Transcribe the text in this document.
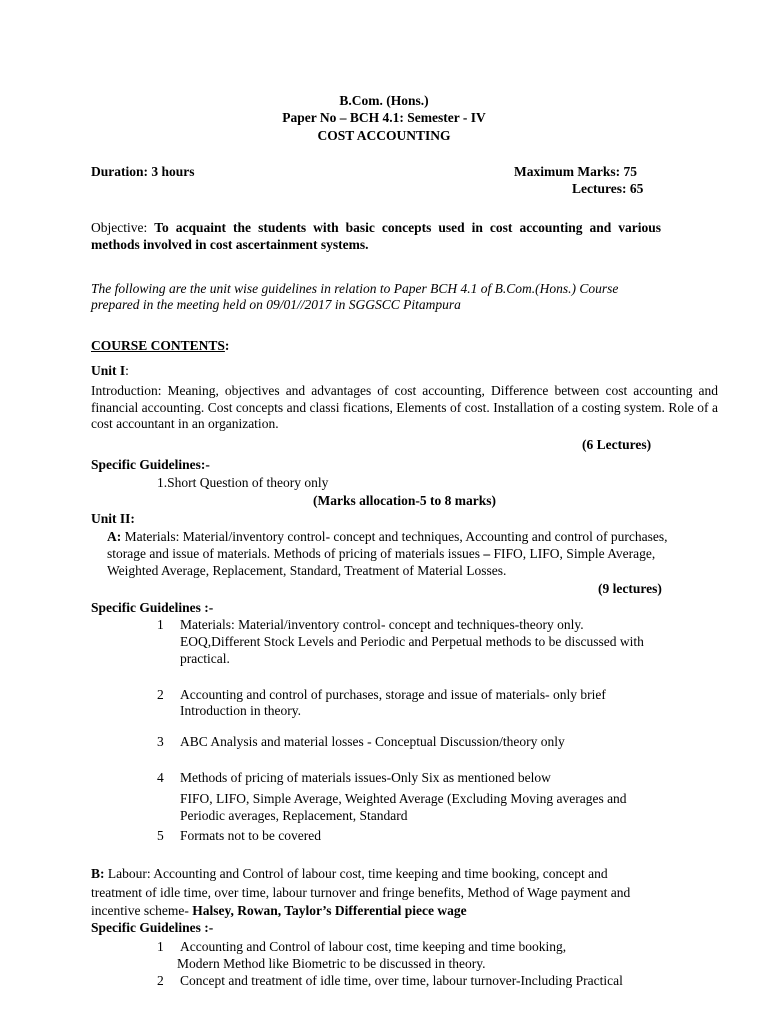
B.Com. (Hons.)
Paper No – BCH 4.1: Semester - IV
COST ACCOUNTING
Duration: 3 hours	Maximum Marks: 75
Lectures: 65
Objective: To acquaint the students with basic concepts used in cost accounting and various methods involved in cost ascertainment systems.
The following are the unit wise guidelines in relation to Paper BCH 4.1 of B.Com.(Hons.) Course
prepared in the meeting held on 09/01//2017 in SGGSCC Pitampura
COURSE CONTENTS:
Unit I:
Introduction: Meaning, objectives and advantages of cost accounting, Difference between cost accounting and financial accounting. Cost concepts and classi fications, Elements of cost. Installation of a costing system. Role of a cost accountant in an organization.
(6 Lectures)
Specific Guidelines:-
1.Short Question of theory only
(Marks allocation-5 to 8 marks)
Unit II:
A: Materials: Material/inventory control- concept and techniques, Accounting and control of purchases,
storage and issue of materials. Methods of pricing of materials issues – FIFO, LIFO, Simple Average,
Weighted Average, Replacement, Standard, Treatment of Material Losses.
(9 lectures)
Specific Guidelines :-
1	Materials: Material/inventory control- concept and techniques-theory only.
EOQ,Different Stock Levels and Periodic and Perpetual methods to be discussed with
practical.
2	Accounting and control of purchases, storage and issue of materials- only brief
Introduction in theory.
3	ABC Analysis and material losses - Conceptual Discussion/theory only
4	Methods of pricing of materials issues-Only Six as mentioned below
FIFO, LIFO, Simple Average, Weighted Average (Excluding Moving averages and
Periodic averages, Replacement, Standard
5	Formats not to be covered
B: Labour: Accounting and Control of labour cost, time keeping and time booking, concept and
treatment of idle time, over time, labour turnover and fringe benefits, Method of Wage payment and
incentive scheme- Halsey, Rowan, Taylor’s Differential piece wage
Specific Guidelines :-
1	Accounting and Control of labour cost, time keeping and time booking,
Modern Method like Biometric to be discussed in theory.
2	Concept and treatment of idle time, over time, labour turnover-Including Practical
